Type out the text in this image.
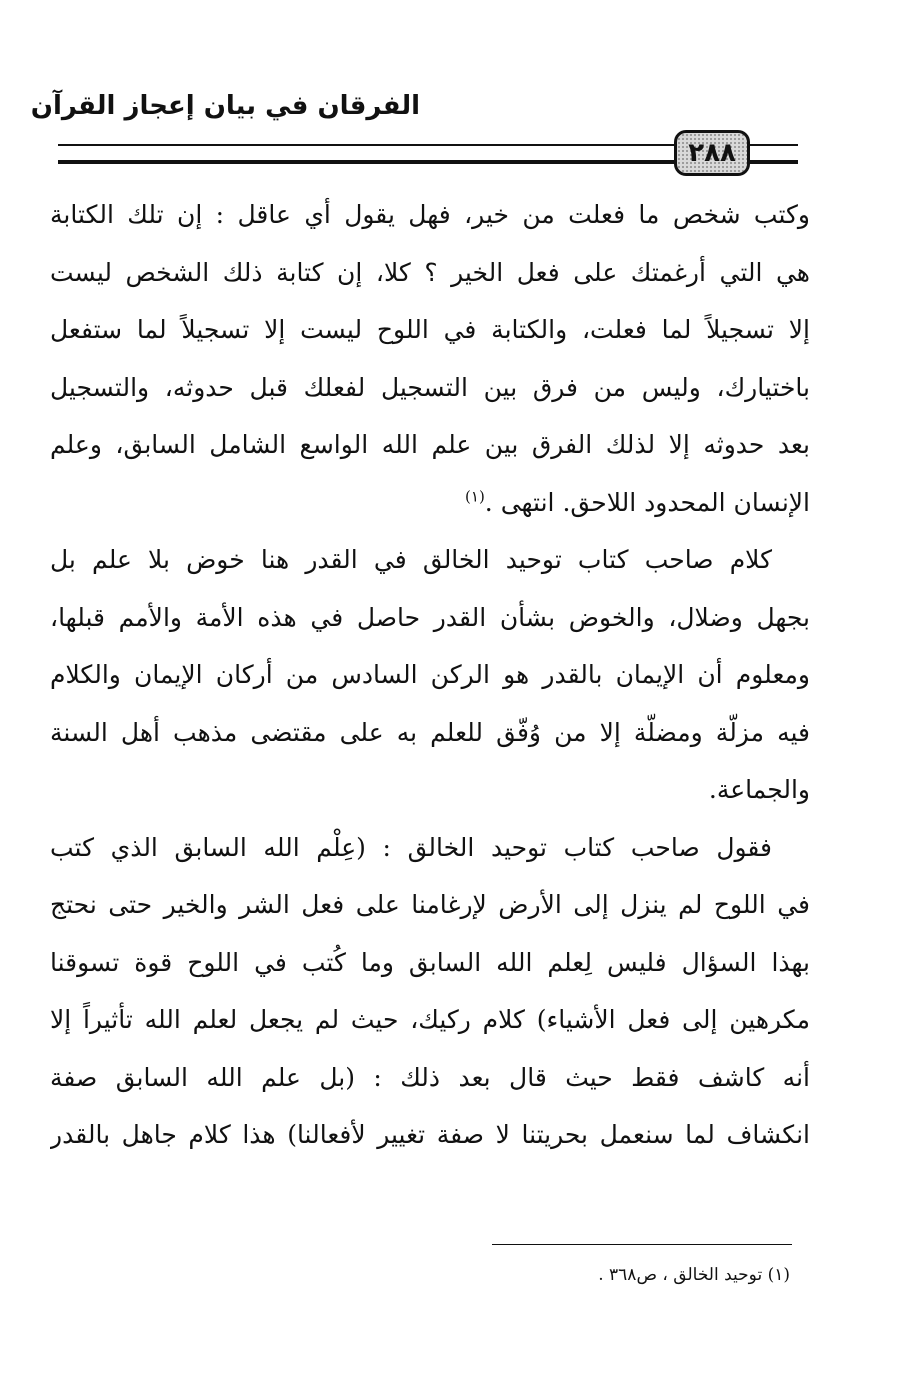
الفرقان في بيان إعجاز القرآن
٢٨٨
وكتب شخص ما فعلت من خير، فهل يقول أي عاقل : إن تلك الكتابة
هي التي أرغمتك على فعل الخير ؟ كلا، إن كتابة ذلك الشخص ليست
إلا تسجيلاً لما فعلت، والكتابة في اللوح ليست إلا تسجيلاً لما ستفعل
باختيارك، وليس من فرق بين التسجيل لفعلك قبل حدوثه، والتسجيل
بعد حدوثه إلا لذلك الفرق بين علم الله الواسع الشامل السابق، وعلم
الإنسان المحدود اللاحق. انتهى .$^{(١)}$
كلام صاحب كتاب توحيد الخالق في القدر هنا خوض بلا علم بل
بجهل وضلال، والخوض بشأن القدر حاصل في هذه الأمة والأمم قبلها،
ومعلوم أن الإيمان بالقدر هو الركن السادس من أركان الإيمان والكلام
فيه مزلّة ومضلّة إلا من وُفّق للعلم به على مقتضى مذهب أهل السنة
والجماعة.
فقول صاحب كتاب توحيد الخالق : (عِلْم الله السابق الذي كتب
في اللوح لم ينزل إلى الأرض لإرغامنا على فعل الشر والخير حتى نحتج
بهذا السؤال فليس لِعلم الله السابق وما كُتب في اللوح قوة تسوقنا
مكرهين إلى فعل الأشياء) كلام ركيك، حيث لم يجعل لعلم الله تأثيراً إلا
أنه كاشف فقط حيث قال بعد ذلك : (بل علم الله السابق صفة
انكشاف لما سنعمل بحريتنا لا صفة تغيير لأفعالنا) هذا كلام جاهل بالقدر
(١) توحيد الخالق ، ص٣٦٨ .
